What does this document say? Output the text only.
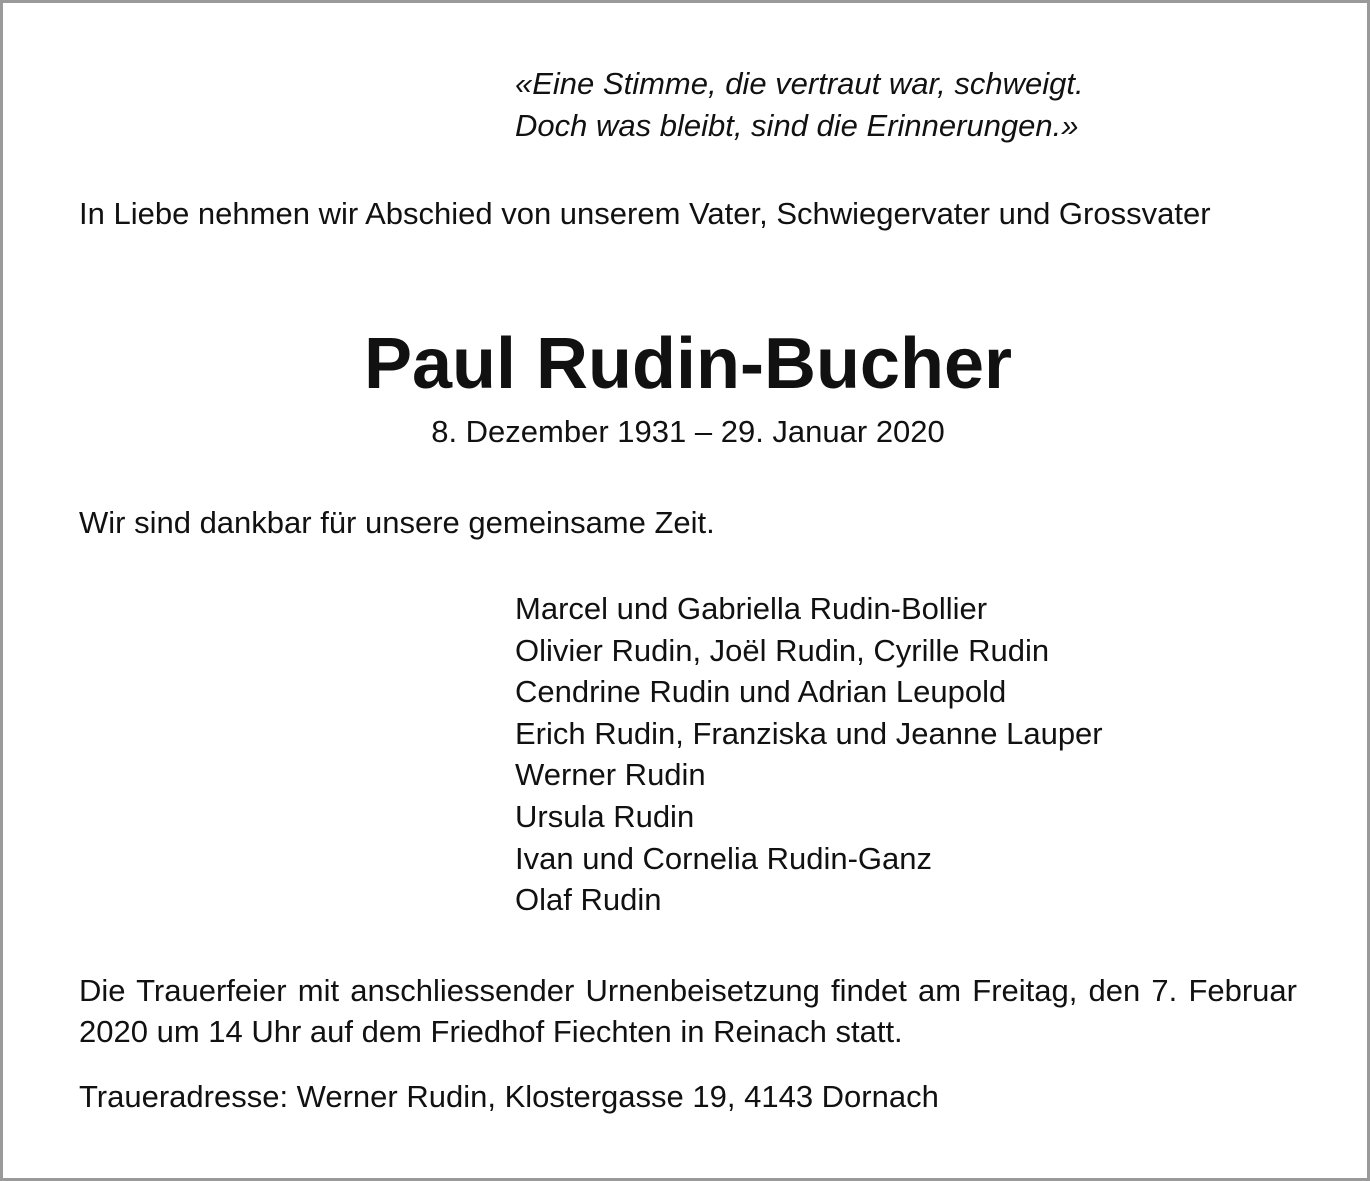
«Eine Stimme, die vertraut war, schweigt.
Doch was bleibt, sind die Erinnerungen.»
In Liebe nehmen wir Abschied von unserem Vater, Schwiegervater und Grossvater
Paul Rudin-Bucher
8. Dezember 1931 – 29. Januar 2020
Wir sind dankbar für unsere gemeinsame Zeit.
Marcel und Gabriella Rudin-Bollier
Olivier Rudin, Joël Rudin, Cyrille Rudin
Cendrine Rudin und Adrian Leupold
Erich Rudin, Franziska und Jeanne Lauper
Werner Rudin
Ursula Rudin
Ivan und Cornelia Rudin-Ganz
Olaf Rudin
Die Trauerfeier mit anschliessender Urnenbeisetzung findet am Freitag, den 7. Februar 2020 um 14 Uhr auf dem Friedhof Fiechten in Reinach statt.
Traueradresse: Werner Rudin, Klostergasse 19, 4143 Dornach
